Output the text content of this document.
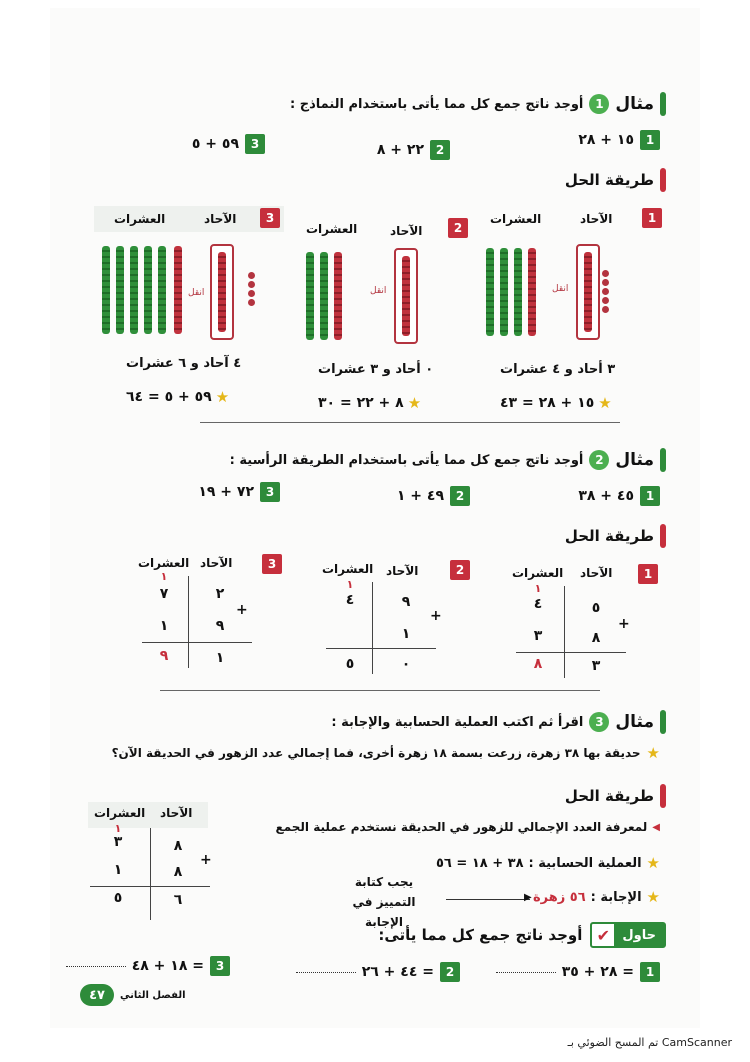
مثال
1
أوجد ناتج جمع كل مما يأتى باستخدام النماذج :
1
١٥ + ٢٨
2
٢٢ + ٨
3
٥٩ + ٥
طريقة الحل
1
الآحاد
العشرات
انقل
٣ أحاد و ٤ عشرات
★
١٥ + ٢٨ = ٤٣
2
الآحاد
العشرات
انقل
٠ أحاد و ٣ عشرات
★
٨ + ٢٢ = ٣٠
3
الآحاد
العشرات
انقل
٤ آحاد و ٦ عشرات
★
٥٩ + ٥ = ٦٤
مثال
2
أوجد ناتج جمع كل مما يأتى باستخدام الطريقة الرأسية :
1
٤٥ + ٣٨
2
٤٩ + ١
3
٧٢ + ١٩
طريقة الحل
1
الآحاد
العشرات
١
٥
٤
+
٨
٣
٣
٨
2
الآحاد
العشرات
١
٩
٤
+
١
٠
٥
3
الآحاد
العشرات
١
٢
٧
+
٩
١
١
٩
مثال
3
اقرأ ثم اكتب العملية الحسابية والإجابة :
★
حديقة بها ٣٨ زهرة، زرعت بسمة ١٨ زهرة أخرى، فما إجمالي عدد الزهور في الحديقة الآن؟
طريقة الحل
◀
لمعرفة العدد الإجمالي للزهور في الحديقة نستخدم عملية الجمع
★
العملية الحسابية :
٣٨ + ١٨ = ٥٦
★
الإجابة :
٥٦ زهرة
▶
يجب كتابة التمييز في الإجابة
الآحاد
العشرات
١
٨
٣
+
٨
١
٦
٥
✔ حاول
أوجد ناتج جمع كل مما يأتى:
1
٢٨ + ٣٥ =
2
٤٤ + ٢٦ =
3
١٨ + ٤٨ =
٤٧	الفصل الثاني
تم المسح الضوئي بـ CamScanner
